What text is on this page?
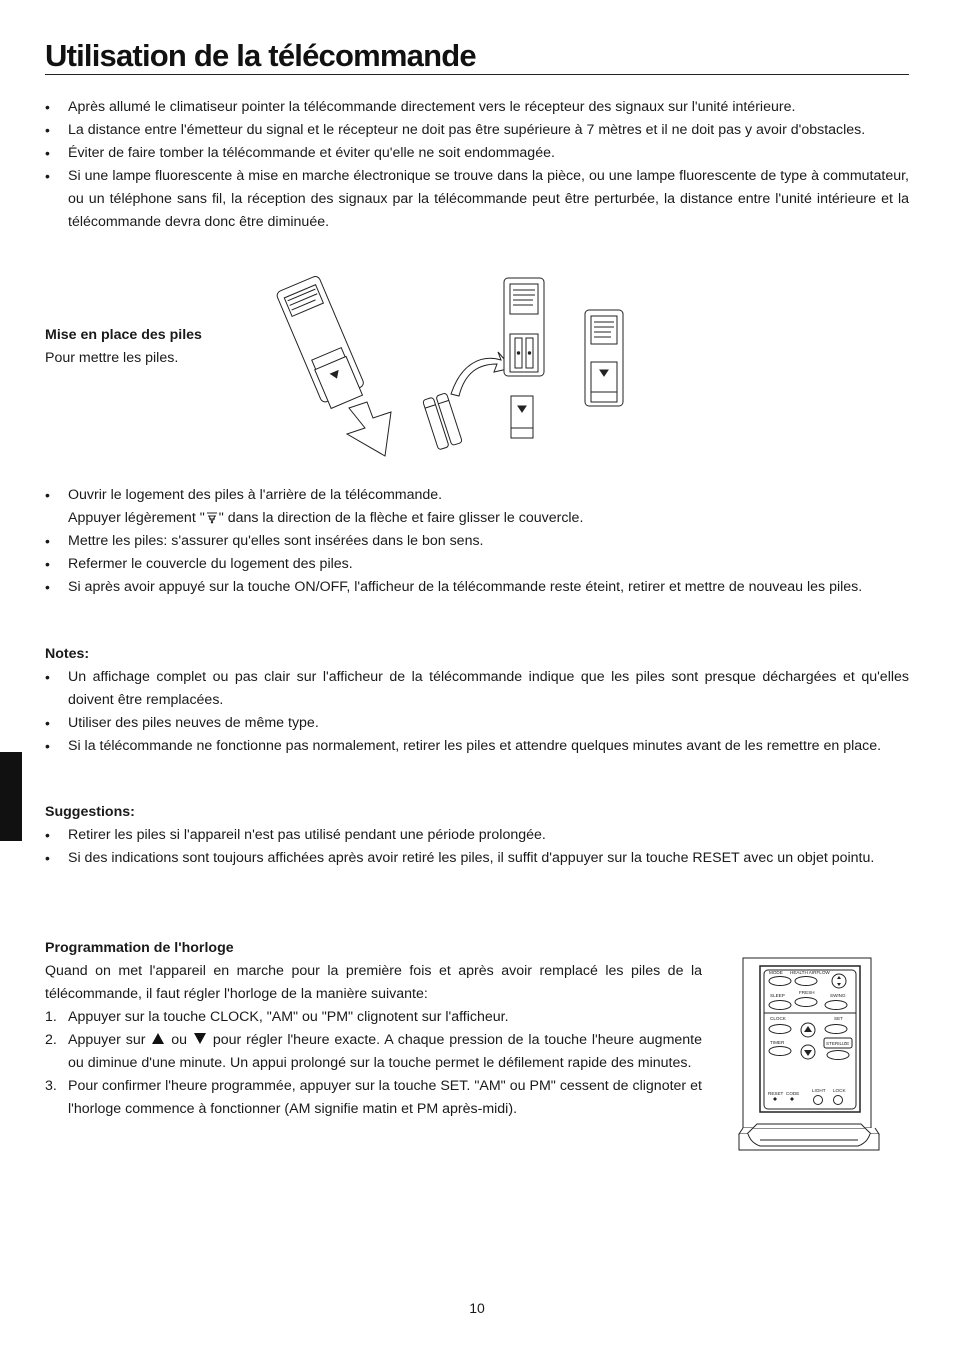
Utilisation de la télécommande
• Après allumé le climatiseur pointer la télécommande directement vers le récepteur des signaux sur l'unité intérieure.
• La distance entre l'émetteur du signal et le récepteur ne doit pas être supérieure à 7 mètres et il ne doit pas y avoir d'obstacles.
• Éviter de faire tomber la télécommande et éviter qu'elle ne soit endommagée.
• Si une lampe fluorescente à mise en marche électronique se trouve dans la pièce, ou une lampe fluorescente de type à commutateur, ou un téléphone sans fil, la réception des signaux par la télécommande peut être perturbée, la distance entre l'unité intérieure et la télécommande devra donc être diminuée.

Mise en place des piles

Pour mettre les piles.

• Ouvrir le logement des piles à l'arrière de la télécommande.
Appuyer légèrement " " dans la direction de la flèche et faire glisser le couvercle.
• Mettre les piles: s'assurer qu'elles sont insérées dans le bon sens.
• Refermer le couvercle du logement des piles.
• Si après avoir appuyé sur la touche ON/OFF, l'afficheur de la télécommande reste éteint, retirer et mettre de nouveau les piles.

Notes:

• Un affichage complet ou pas clair sur l'afficheur de la télécommande indique que les piles sont presque déchargées et qu'elles doivent être remplacées.
• Utiliser des piles neuves de même type.
• Si la télécommande ne fonctionne pas normalement, retirer les piles et attendre quelques minutes avant de les remettre en place.

Suggestions:

• Retirer les piles si l'appareil n'est pas utilisé pendant une période prolongée.
• Si des indications sont toujours affichées après avoir retiré les piles, il suffit d'appuyer sur la touche RESET avec un objet pointu.

Programmation de l'horloge

Quand on met l'appareil en marche pour la première fois et après avoir remplacé les piles de la télécommande, il faut régler l'horloge de la manière suivante:

1. Appuyer sur la touche CLOCK, "AM" ou "PM" clignotent sur l'afficheur.
2. Appuyer sur ou pour régler l'heure exacte. A chaque pression de la touche l'heure augmente ou diminue d'une minute. Un appui prolongé sur la touche permet le défilement rapide des minutes.
3. Pour confirmer l'heure programmée, appuyer sur la touche SET. "AM" ou PM" cessent de clignoter et l'horloge commence à fonctionner (AM signifie matin et PM après-midi).
MODE HEALTH AIRFLOW
SLEEP
FRESH
SWING
CLOCK	SET
TIMER	STERILIZE
RESET CODE
LIGHT LOCK
10
